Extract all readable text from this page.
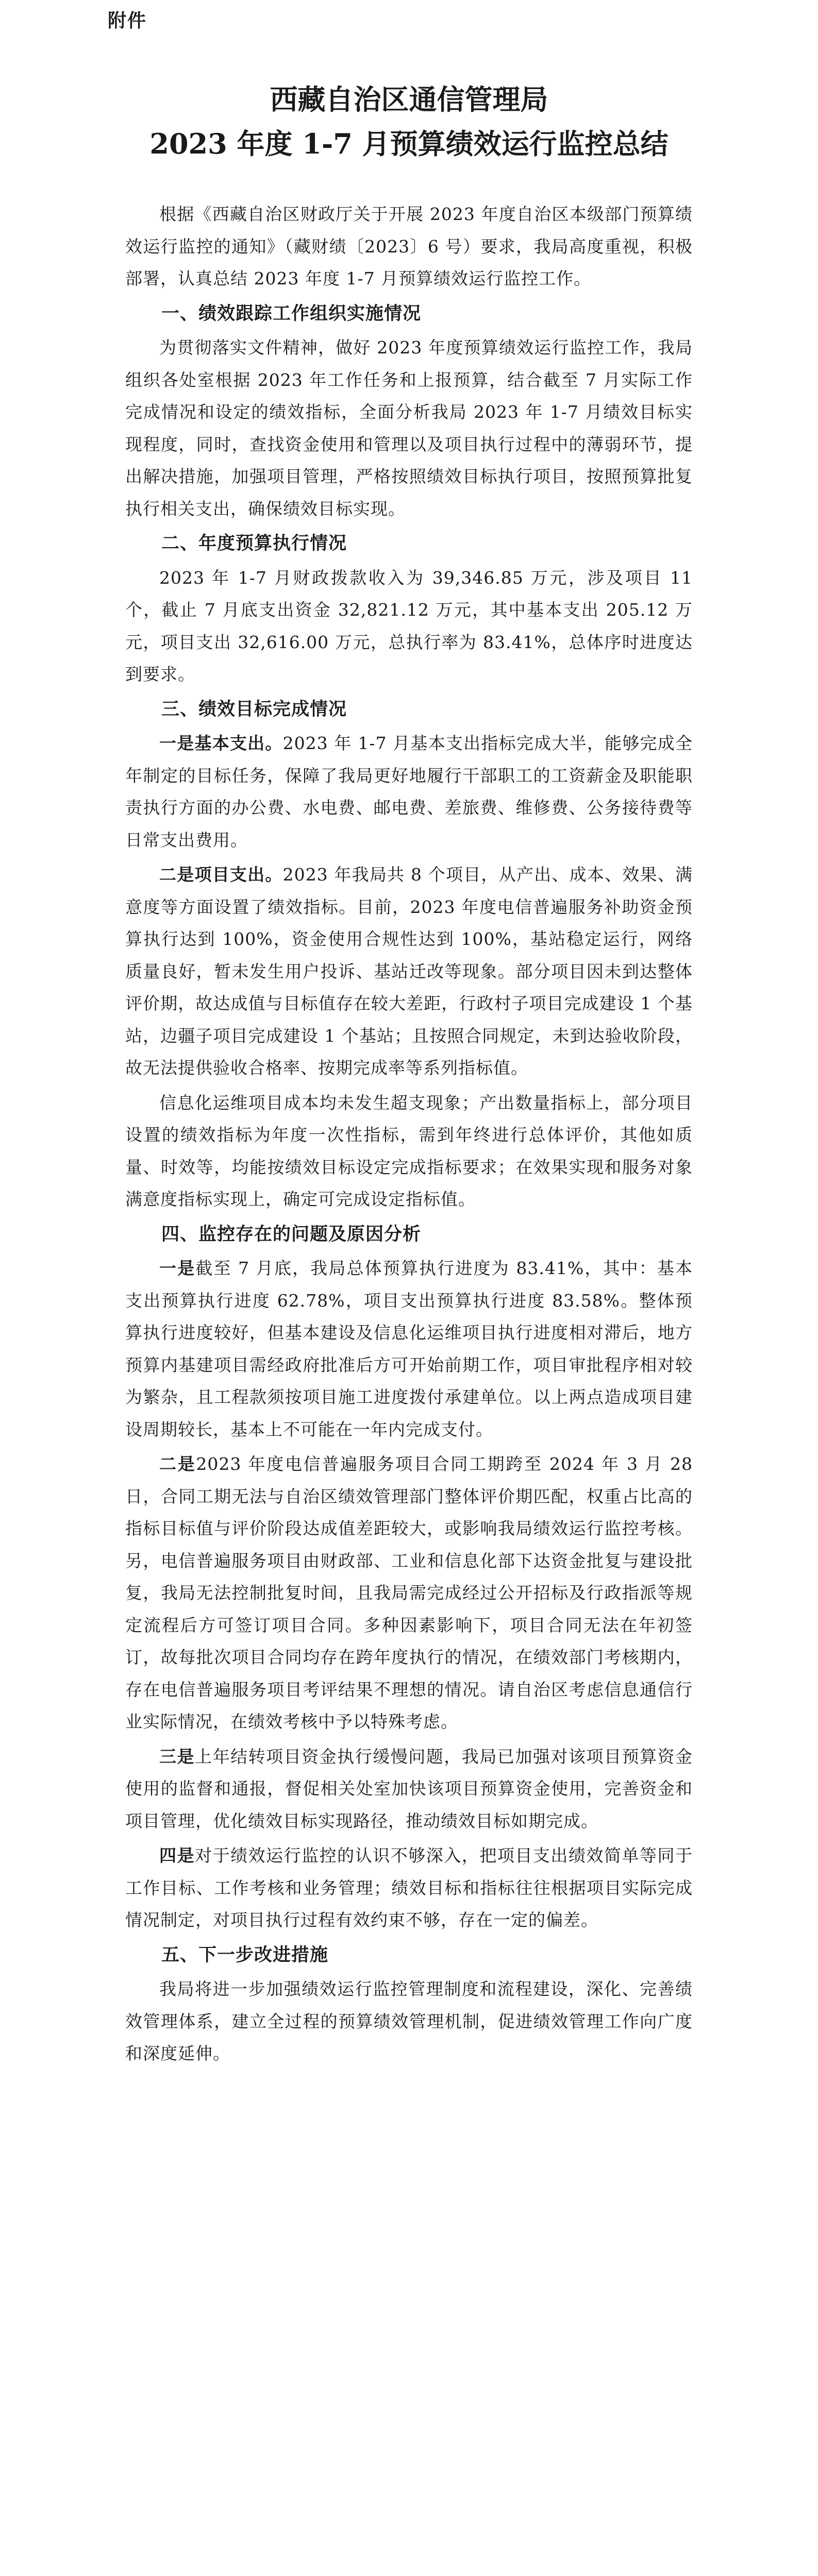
附件
西藏自治区通信管理局
2023 年度 1-7 月预算绩效运行监控总结

根据《西藏自治区财政厅关于开展 2023 年度自治区本级部门预算绩效运行监控的通知》（藏财绩〔2023〕6 号）要求，我局高度重视，积极部署，认真总结 2023 年度 1-7 月预算绩效运行监控工作。

一、绩效跟踪工作组织实施情况

为贯彻落实文件精神，做好 2023 年度预算绩效运行监控工作，我局组织各处室根据 2023 年工作任务和上报预算，结合截至 7 月实际工作完成情况和设定的绩效指标，全面分析我局 2023 年 1-7 月绩效目标实现程度，同时，查找资金使用和管理以及项目执行过程中的薄弱环节，提出解决措施，加强项目管理，严格按照绩效目标执行项目，按照预算批复执行相关支出，确保绩效目标实现。

二、年度预算执行情况

2023 年 1-7 月财政拨款收入为 39,346.85 万元，涉及项目 11 个，截止 7 月底支出资金 32,821.12 万元，其中基本支出 205.12 万元，项目支出 32,616.00 万元，总执行率为 83.41%，总体序时进度达到要求。

三、绩效目标完成情况

一是基本支出。2023 年 1-7 月基本支出指标完成大半，能够完成全年制定的目标任务，保障了我局更好地履行干部职工的工资薪金及职能职责执行方面的办公费、水电费、邮电费、差旅费、维修费、公务接待费等日常支出费用。

二是项目支出。2023 年我局共 8 个项目，从产出、成本、效果、满意度等方面设置了绩效指标。目前，2023 年度电信普遍服务补助资金预算执行达到 100%，资金使用合规性达到 100%，基站稳定运行，网络质量良好，暂未发生用户投诉、基站迁改等现象。部分项目因未到达整体评价期，故达成值与目标值存在较大差距，行政村子项目完成建设 1 个基站，边疆子项目完成建设 1 个基站；且按照合同规定，未到达验收阶段，故无法提供验收合格率、按期完成率等系列指标值。

信息化运维项目成本均未发生超支现象；产出数量指标上，部分项目设置的绩效指标为年度一次性指标，需到年终进行总体评价，其他如质量、时效等，均能按绩效目标设定完成指标要求；在效果实现和服务对象满意度指标实现上，确定可完成设定指标值。

四、监控存在的问题及原因分析

一是截至 7 月底，我局总体预算执行进度为 83.41%，其中：基本支出预算执行进度 62.78%，项目支出预算执行进度 83.58%。整体预算执行进度较好，但基本建设及信息化运维项目执行进度相对滞后，地方预算内基建项目需经政府批准后方可开始前期工作，项目审批程序相对较为繁杂，且工程款须按项目施工进度拨付承建单位。以上两点造成项目建设周期较长，基本上不可能在一年内完成支付。

二是2023 年度电信普遍服务项目合同工期跨至 2024 年 3 月 28 日，合同工期无法与自治区绩效管理部门整体评价期匹配，权重占比高的指标目标值与评价阶段达成值差距较大，或影响我局绩效运行监控考核。另，电信普遍服务项目由财政部、工业和信息化部下达资金批复与建设批复，我局无法控制批复时间，且我局需完成经过公开招标及行政指派等规定流程后方可签订项目合同。多种因素影响下，项目合同无法在年初签订，故每批次项目合同均存在跨年度执行的情况，在绩效部门考核期内，存在电信普遍服务项目考评结果不理想的情况。请自治区考虑信息通信行业实际情况，在绩效考核中予以特殊考虑。

三是上年结转项目资金执行缓慢问题，我局已加强对该项目预算资金使用的监督和通报，督促相关处室加快该项目预算资金使用，完善资金和项目管理，优化绩效目标实现路径，推动绩效目标如期完成。

四是对于绩效运行监控的认识不够深入，把项目支出绩效简单等同于工作目标、工作考核和业务管理；绩效目标和指标往往根据项目实际完成情况制定，对项目执行过程有效约束不够，存在一定的偏差。

五、下一步改进措施

我局将进一步加强绩效运行监控管理制度和流程建设，深化、完善绩效管理体系，建立全过程的预算绩效管理机制，促进绩效管理工作向广度和深度延伸。
